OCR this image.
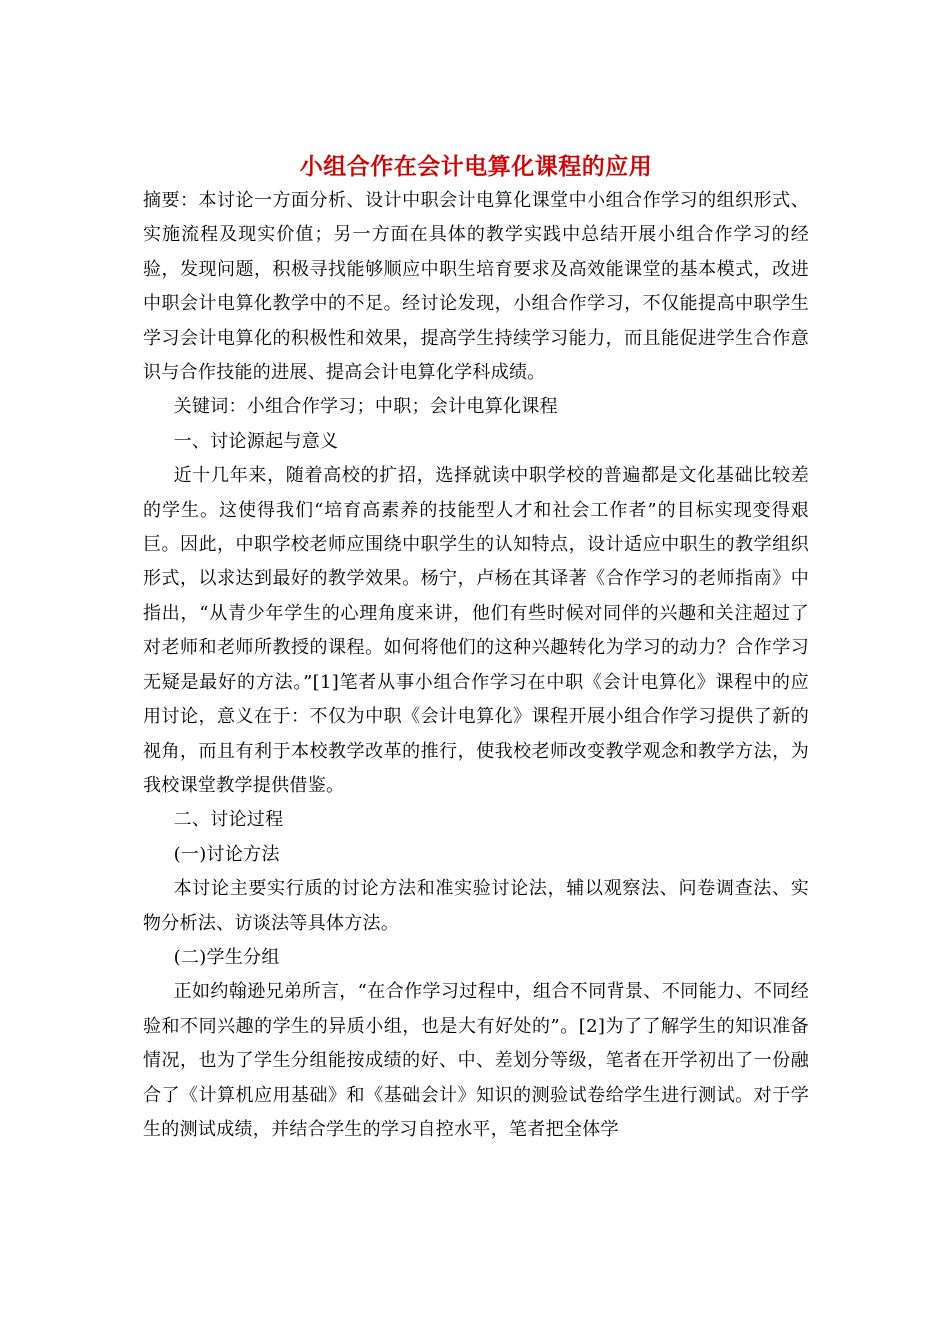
小组合作在会计电算化课程的应用

摘要：本讨论一方面分析、设计中职会计电算化课堂中小组合作学习的组织形式、实施流程及现实价值；另一方面在具体的教学实践中总结开展小组合作学习的经验，发现问题，积极寻找能够顺应中职生培育要求及高效能课堂的基本模式，改进中职会计电算化教学中的不足。经讨论发现，小组合作学习，不仅能提高中职学生学习会计电算化的积极性和效果，提高学生持续学习能力，而且能促进学生合作意识与合作技能的进展、提高会计电算化学科成绩。

关键词：小组合作学习；中职；会计电算化课程

一、讨论源起与意义

近十几年来，随着高校的扩招，选择就读中职学校的普遍都是文化基础比较差的学生。这使得我们“培育高素养的技能型人才和社会工作者”的目标实现变得艰巨。因此，中职学校老师应围绕中职学生的认知特点，设计适应中职生的教学组织形式，以求达到最好的教学效果。杨宁，卢杨在其译著《合作学习的老师指南》中指出，“从青少年学生的心理角度来讲，他们有些时候对同伴的兴趣和关注超过了对老师和老师所教授的课程。如何将他们的这种兴趣转化为学习的动力？合作学习无疑是最好的方法。”[1]笔者从事小组合作学习在中职《会计电算化》课程中的应用讨论，意义在于：不仅为中职《会计电算化》课程开展小组合作学习提供了新的视角，而且有利于本校教学改革的推行，使我校老师改变教学观念和教学方法，为我校课堂教学提供借鉴。

二、讨论过程

(一)讨论方法

本讨论主要实行质的讨论方法和准实验讨论法，辅以观察法、问卷调查法、实物分析法、访谈法等具体方法。

(二)学生分组

正如约翰逊兄弟所言，“在合作学习过程中，组合不同背景、不同能力、不同经验和不同兴趣的学生的异质小组，也是大有好处的”。[2]为了了解学生的知识准备情况，也为了学生分组能按成绩的好、中、差划分等级，笔者在开学初出了一份融合了《计算机应用基础》和《基础会计》知识的测验试卷给学生进行测试。对于学生的测试成绩，并结合学生的学习自控水平，笔者把全体学
